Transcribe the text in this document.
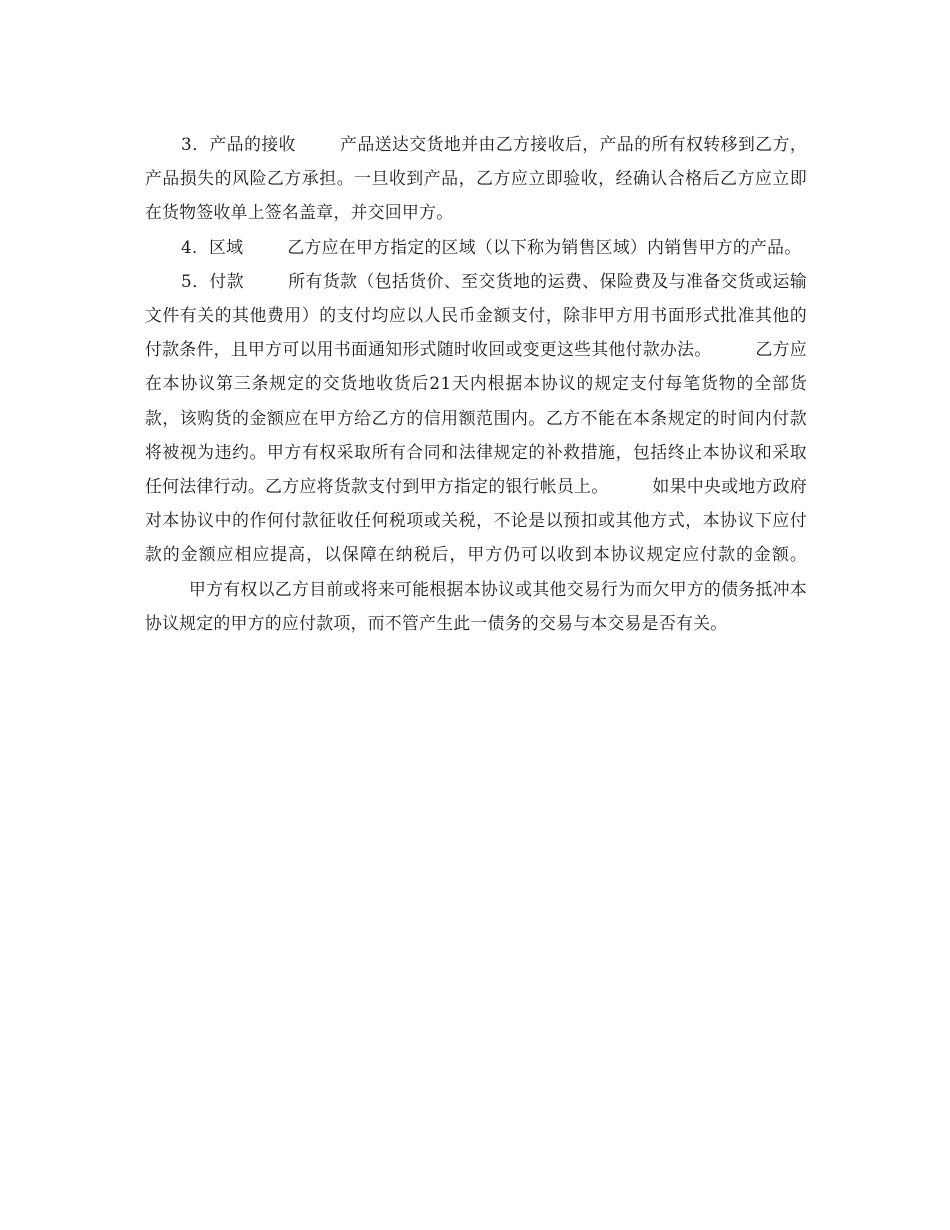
3．产品的接收	产品送达交货地并由乙方接收后，产品的所有权转移到乙方，产品损失的风险乙方承担。一旦收到产品，乙方应立即验收，经确认合格后乙方应立即在货物签收单上签名盖章，并交回甲方。

4．区域	乙方应在甲方指定的区域（以下称为销售区域）内销售甲方的产品。

5．付款	所有货款（包括货价、至交货地的运费、保险费及与准备交货或运输文件有关的其他费用）的支付均应以人民币金额支付，除非甲方用书面形式批准其他的付款条件，且甲方可以用书面通知形式随时收回或变更这些其他付款办法。	乙方应在本协议第三条规定的交货地收货后21天内根据本协议的规定支付每笔货物的全部货款，该购货的金额应在甲方给乙方的信用额范围内。乙方不能在本条规定的时间内付款将被视为违约。甲方有权采取所有合同和法律规定的补救措施，包括终止本协议和采取任何法律行动。乙方应将货款支付到甲方指定的银行帐员上。	如果中央或地方政府对本协议中的作何付款征收任何税项或关税，不论是以预扣或其他方式，本协议下应付款的金额应相应提高，以保障在纳税后，甲方仍可以收到本协议规定应付款的金额。甲方有权以乙方目前或将来可能根据本协议或其他交易行为而欠甲方的债务抵冲本协议规定的甲方的应付款项，而不管产生此一债务的交易与本交易是否有关。
